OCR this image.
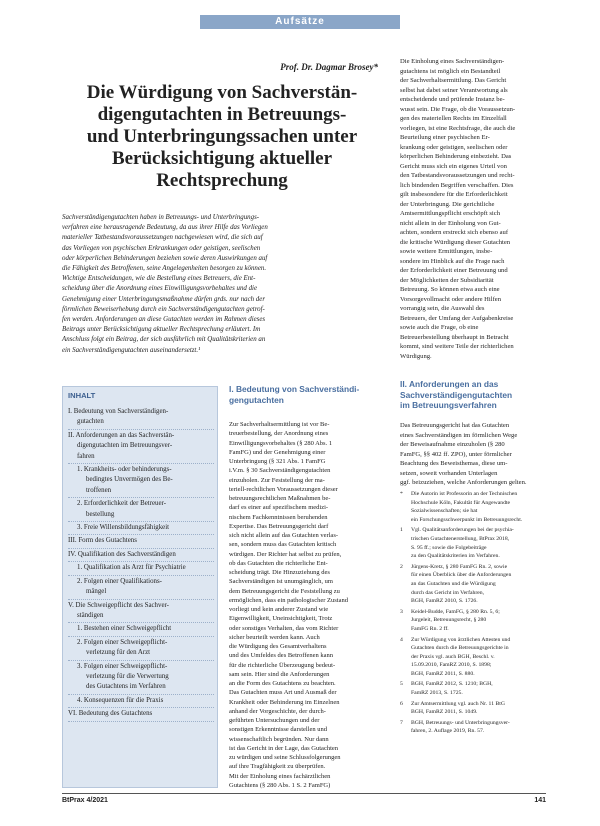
Aufsätze
Prof. Dr. Dagmar Brosey*
Die Würdigung von Sachverstän-
digengutachten in Betreuungs-
und Unterbringungssachen unter
Berücksichtigung aktueller
Rechtsprechung
Sachverständigengutachten haben in Betreuungs- und Unterbringungs-
verfahren eine herausragende Bedeutung, da aus ihrer Hilfe das Vorliegen
materieller Tatbestandsvoraussetzungen nachgewiesen wird, die sich auf
das Vorliegen von psychischen Erkrankungen oder geistigen, seelischen
oder körperlichen Behinderungen beziehen sowie deren Auswirkungen auf
die Fähigkeit des Betroffenen, seine Angelegenheiten besorgen zu können.
Wichtige Entscheidungen, wie die Bestellung eines Betreuers, die Ent-
scheidung über die Anordnung eines Einwilligungsvorbehaltes und die
Genehmigung einer Unterbringungsmaßnahme dürfen grds. nur nach der
förmlichen Beweiserhebung durch ein Sachverständigengutachten getrof-
fen werden. Anforderungen an diese Gutachten werden im Rahmen dieses
Beitrags unter Berücksichtigung aktueller Rechtsprechung erläutert. Im
Anschluss folgt ein Beitrag, der sich ausführlich mit Qualitätskriterien an
ein Sachverständigengutachten auseinandersetzt.¹
Die Einholung eines Sachverständigen-
gutachtens ist möglich ein Bestandteil
der Sachverhaltsermittlung. Das Gericht
selbst hat dabei seiner Verantwortung als
entscheidende und prüfende Instanz be-
wusst sein. Die Frage, ob die Voraussetzun-
gen des materiellen Rechts im Einzelfall
vorliegen, ist eine Rechtsfrage, die auch die
Beurteilung einer psychischen Er-
krankung oder geistigen, seelischen oder
körperlichen Behinderung einbezieht. Das
Gericht muss sich ein eigenes Urteil von
den Tatbestandsvoraussetzungen und recht-
lich bindenden Begriffen verschaffen. Dies
gilt insbesondere für die Erforderlichkeit
der Unterbringung. Die gerichtliche
Amtsermittlungspflicht erschöpft sich
nicht allein in der Einholung von Gut-
achten, sondern erstreckt sich ebenso auf
die kritische Würdigung dieser Gutachten
sowie weitere Ermittlungen, insbe-
sondere im Hinblick auf die Frage nach
der Erforderlichkeit einer Betreuung und
der Möglichkeiten der Subsidiarität
Betreuung. So können etwa auch eine
Vorsorgevollmacht oder andere Hilfen
vorrangig sein, die Auswahl des
Betreuers, der Umfang der Aufgabenkreise
sowie auch die Frage, ob eine
Betreuerbestellung überhaupt in Betracht
kommt, sind weitere Teile der richterlichen
Würdigung.
INHALT
I. Bedeutung von Sachverständigen-
gutachten
II. Anforderungen an das Sachverstän-
digengutachten im Betreuungsver-
fahren
1. Krankheits- oder behinderungs-
bedingtes Unvermögen des Be-
troffenen
2. Erforderlichkeit der Betreuer-
bestellung
3. Freie Willensbildungsfähigkeit
III. Form des Gutachtens
IV. Qualifikation des Sachverständigen
1. Qualifikation als Arzt für Psychiatrie
2. Folgen einer Qualifikations-
mängel
V. Die Schweigepflicht des Sachver-
ständigen
1. Bestehen einer Schweigepflicht
2. Folgen einer Schweigepflicht-
verletzung für den Arzt
3. Folgen einer Schweigepflicht-
verletzung für die Verwertung
des Gutachtens im Verfahren
4. Konsequenzen für die Praxis
VI. Bedeutung des Gutachtens
I. Bedeutung von Sachverständi-
gengutachten
Zur Sachverhaltsermittlung ist vor Be-
treuerbestellung, der Anordnung eines
Einwilligungsvorbehaltes (§ 280 Abs. 1
FamFG) und der Genehmigung einer
Unterbringung (§ 321 Abs. 1 FamFG
i.V.m. § 30 Sachverständigengutachten
einzuholen. Zur Feststellung der ma-
teriell-rechtlichen Voraussetzungen dieser
betreuungsrechtlichen Maßnahmen be-
darf es einer auf spezifischem medizi-
nischem Fachkenntnissen beruhenden
Expertise. Das Betreuungsgericht darf
sich nicht allein auf das Gutachten verlas-
sen, sondern muss das Gutachten kritisch
würdigen. Der Richter hat selbst zu prüfen,
ob das Gutachten die richterliche Ent-
scheidung trägt. Die Hinzuziehung des
Sachverständigen ist unumgänglich, um
dem Betreuungsgericht die Feststellung zu
ermöglichen, dass ein pathologischer Zustand
vorliegt und kein anderer Zustand wie
Eigenwilligkeit, Uneinsichtigkeit, Trotz
oder sonstiges Verhalten, das vom Richter
sicher beurteilt werden kann. Auch
die Würdigung des Gesamtverhaltens
und des Umfeldes des Betroffenen kann
für die richterliche Überzeugung bedeut-
sam sein. Hier sind die Anforderungen
an die Form des Gutachtens zu beachten.
Das Gutachten muss Art und Ausmaß der
Krankheit oder Behinderung im Einzelnen
anhand der Vorgeschichte, der durch-
geführten Untersuchungen und der
sonstigen Erkenntnisse darstellen und
wissenschaftlich begründen. Nur dann
ist das Gericht in der Lage, das Gutachten
zu würdigen und seine Schlussfolgerungen
auf ihre Tragfähigkeit zu überprüfen.
Mit der Einholung eines fachärztlichen
Gutachtens (§ 280 Abs. 1 S. 2 FamFG)
II. Anforderungen an das
Sachverständigengutachten
im Betreuungsverfahren
Das Betreuungsgericht hat das Gutachten
eines Sachverständigen im förmlichen Wege
der Beweisaufnahme einzuholen (§ 280
FamFG, §§ 402 ff. ZPO), unter förmlicher
Beachtung des Beweisthemas, diese um-
setzen, soweit vorhanden Unterlagen
ggf. beizuziehen, welche Anforderungen gelten.
*	Die Autorin ist Professorin an der Technischen
Hochschule Köln, Fakultät für Angewandte
Sozialwissenschaften; sie hat
ein Forschungsschwerpunkt im Betreuungsrecht.
1	Vgl. Qualitätsanforderungen bei der psychia-
trischen Gutachtenerstellung, BtPrax 2018,
S. 95 ff.; sowie die Folgebeiträge
zu den Qualitätskriterien im Verfahren.
2	Jürgens-Kretz, § 280 FamFG Rn. 2, sowie
für einen Überblick über die Anforderungen
an das Gutachten und die Würdigung
durch das Gericht im Verfahren,
BGH, FamRZ 2010, S. 1726.
3	Keidel-Budde, FamFG, § 280 Rn. 5, 6;
Jurgeleit, Betreuungsrecht, § 280
FamFG Rn. 2 ff.
4	Zur Würdigung von ärztlichen Attesten und
Gutachten durch die Betreuungsgerichte in
der Praxis vgl. auch BGH, Beschl. v.
15.09.2010, FamRZ 2010, S. 1898;
BGH, FamRZ 2011, S. 880.
5	BGH, FamRZ 2012, S. 1210; BGH,
FamRZ 2013, S. 1725.
6	Zur Amtsermittlung vgl. auch Nr. 11 BtG
BGH, FamRZ 2011, S. 1049.
7	BGH, Betreuungs- und Unterbringungsver-
fahren, 2. Auflage 2019, Rn. 57.
BtPrax 4/2021	141
